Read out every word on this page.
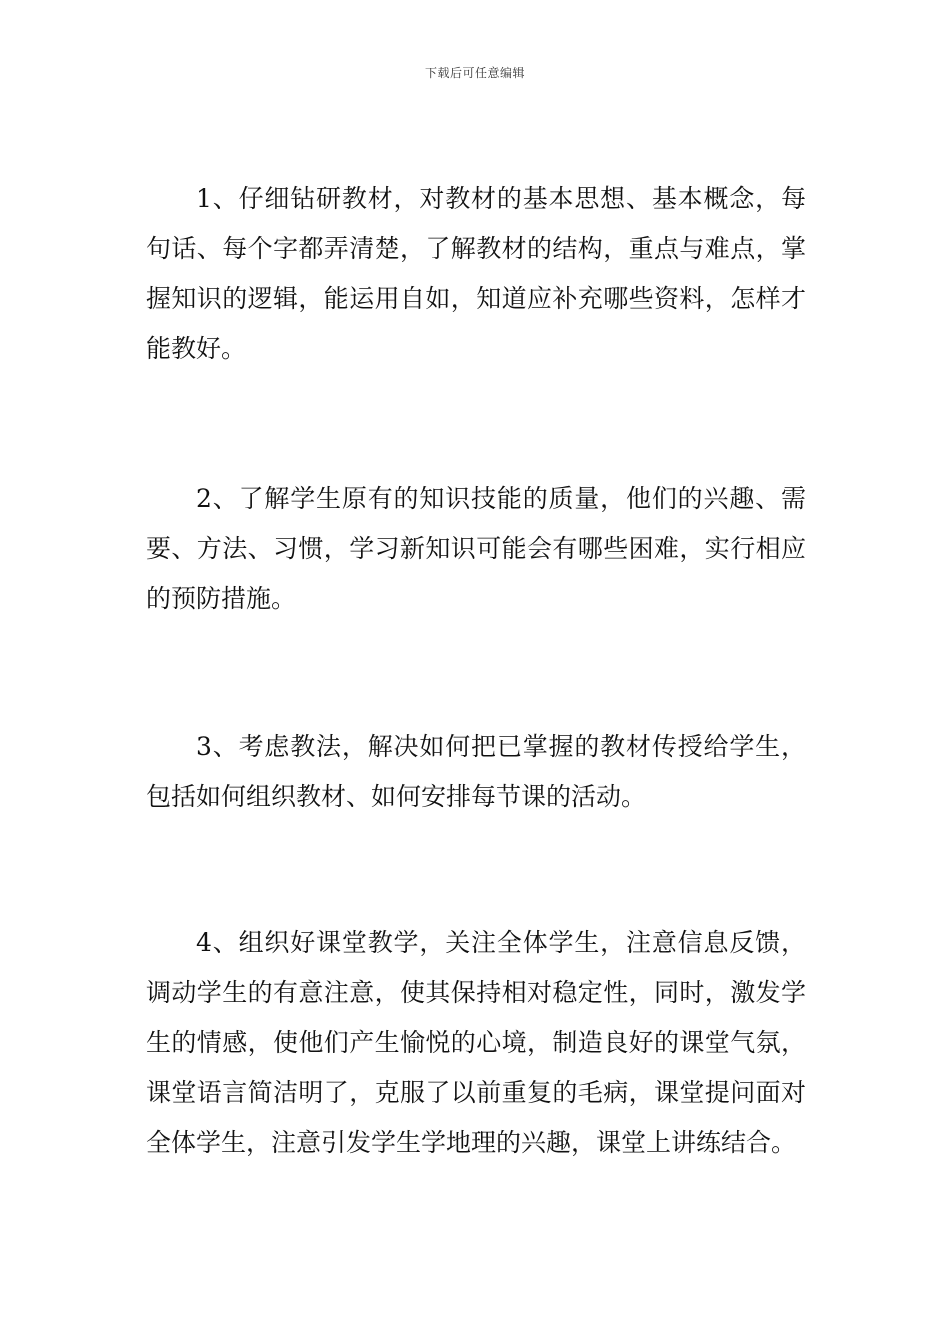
下载后可任意编辑

1、仔细钻研教材，对教材的基本思想、基本概念，每句话、每个字都弄清楚，了解教材的结构，重点与难点，掌握知识的逻辑，能运用自如，知道应补充哪些资料，怎样才能教好。

2、了解学生原有的知识技能的质量，他们的兴趣、需要、方法、习惯，学习新知识可能会有哪些困难，实行相应的预防措施。

3、考虑教法，解决如何把已掌握的教材传授给学生，包括如何组织教材、如何安排每节课的活动。

4、组织好课堂教学，关注全体学生，注意信息反馈，调动学生的有意注意，使其保持相对稳定性，同时，激发学生的情感，使他们产生愉悦的心境，制造良好的课堂气氛，课堂语言简洁明了，克服了以前重复的毛病，课堂提问面对全体学生，注意引发学生学地理的兴趣，课堂上讲练结合。
